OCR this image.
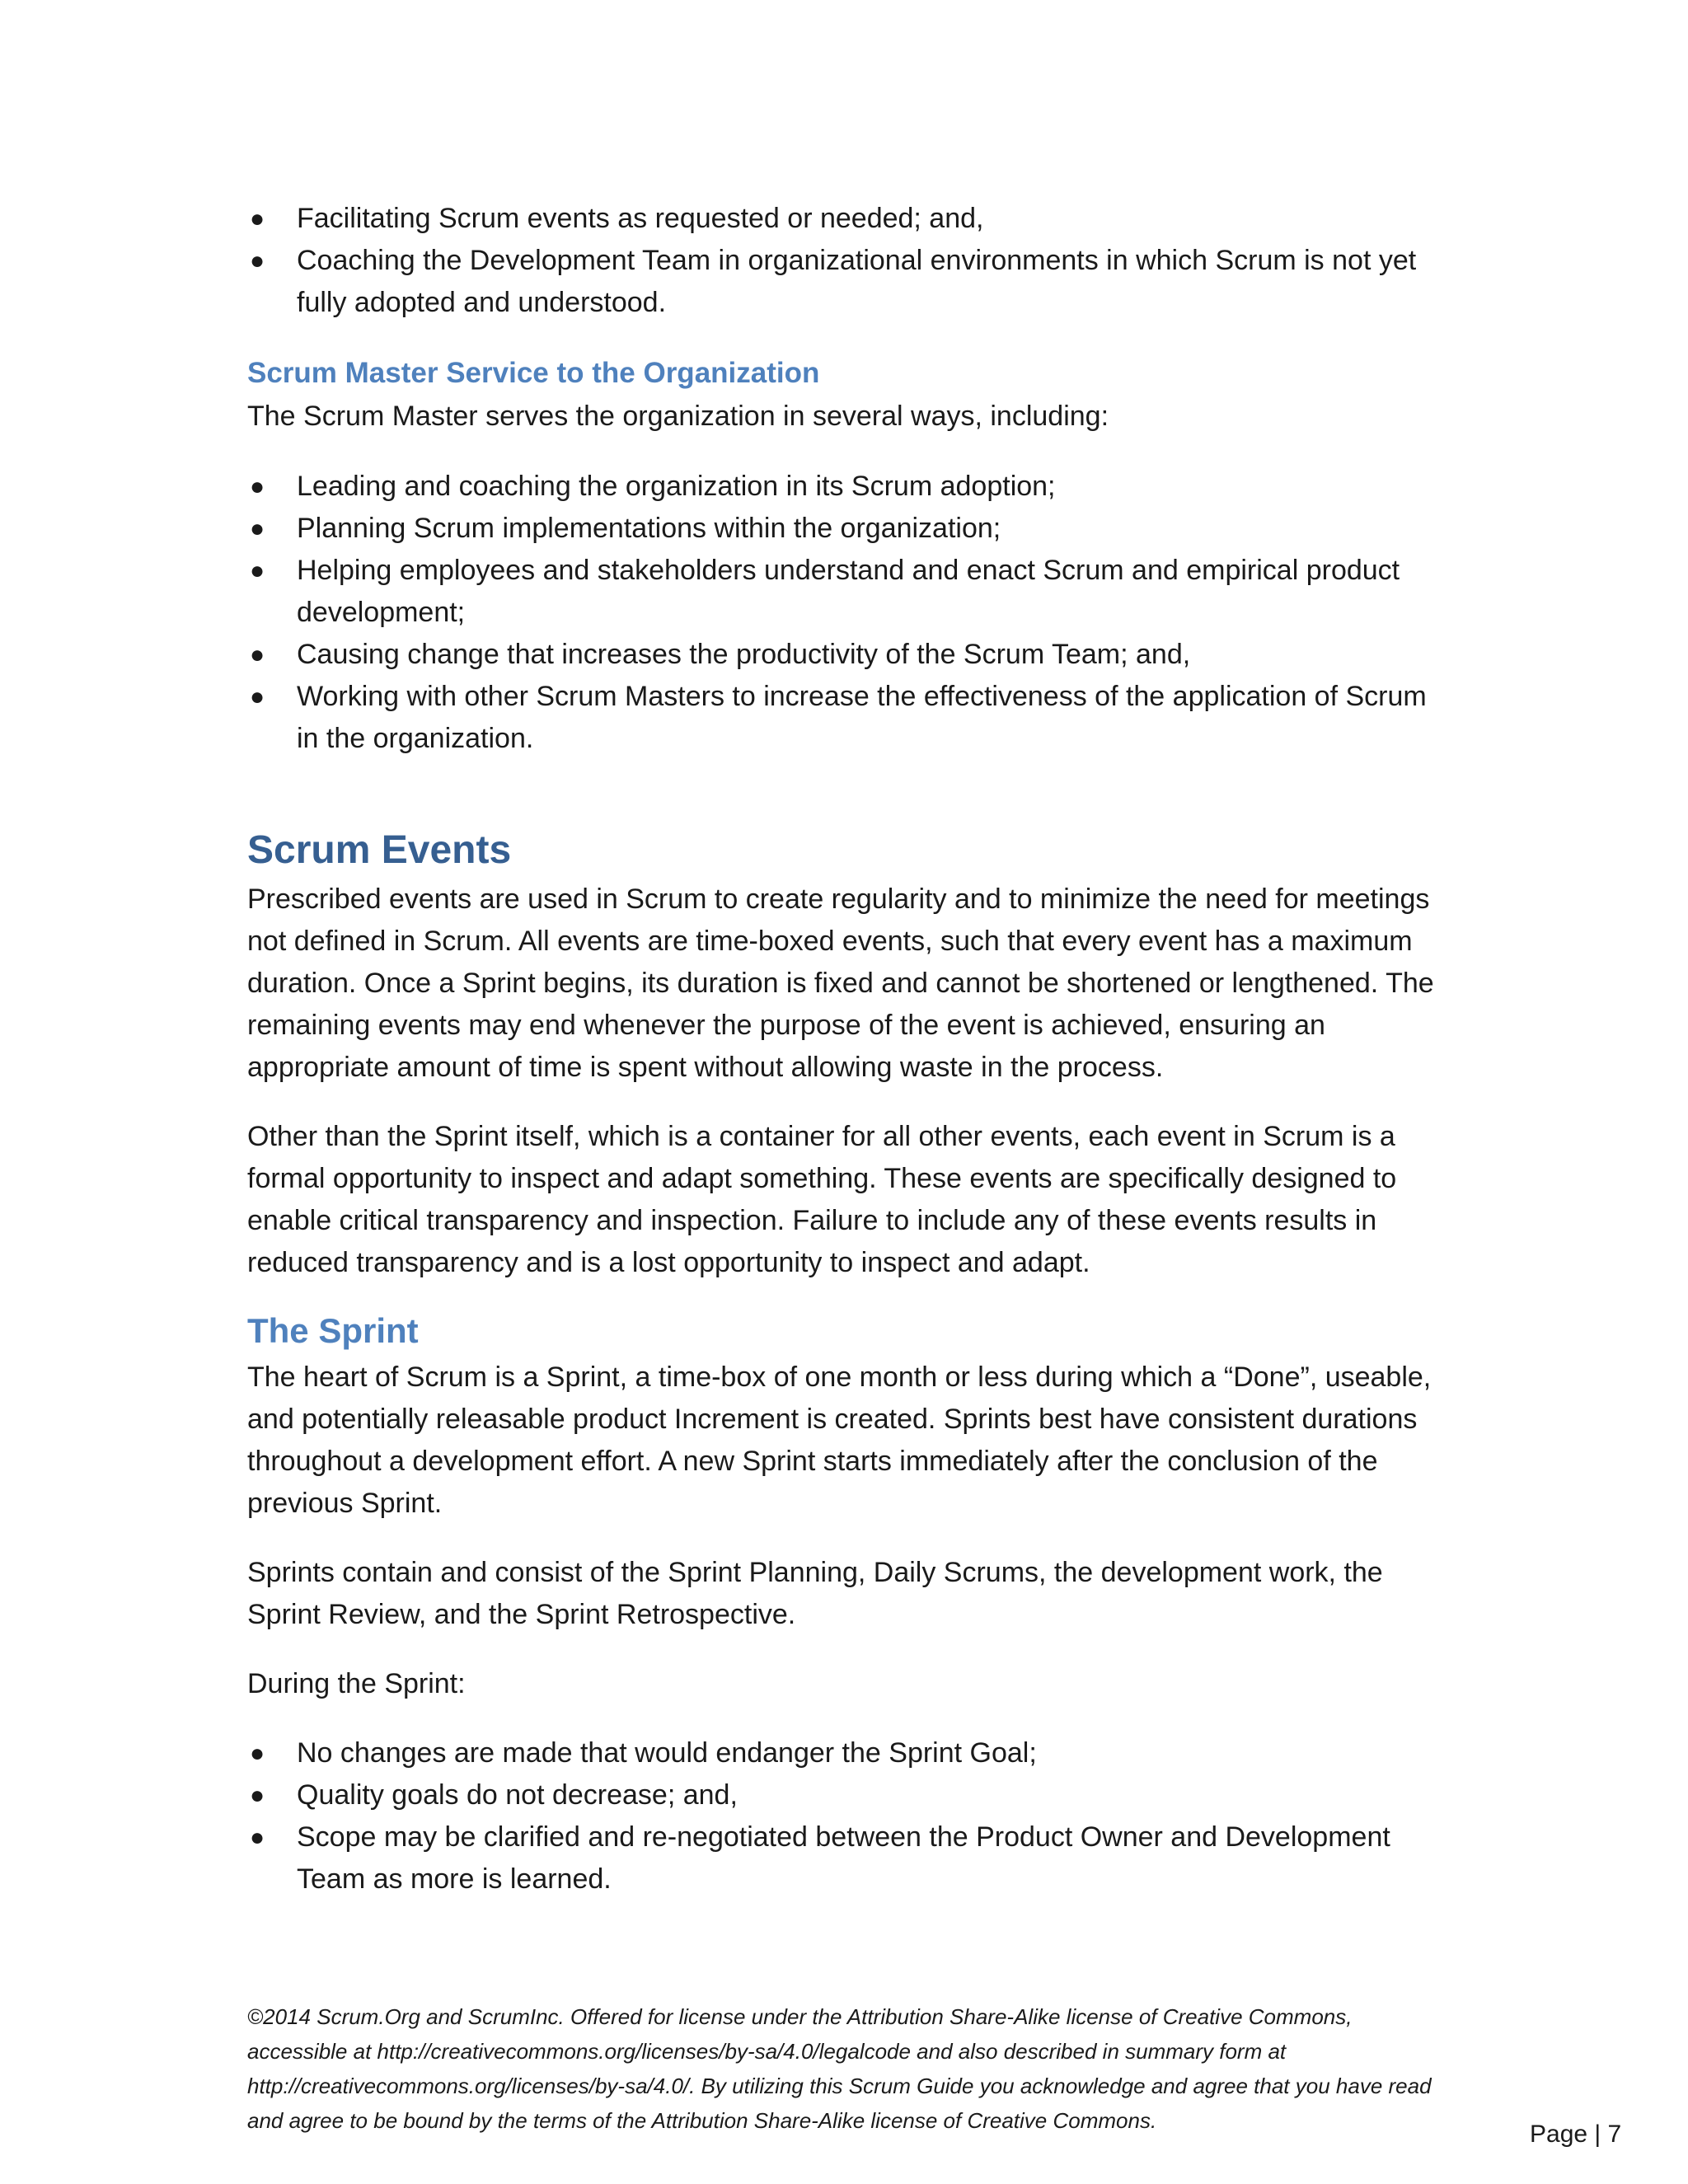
● Facilitating Scrum events as requested or needed; and,
● Coaching the Development Team in organizational environments in which Scrum is not yet fully adopted and understood.
Scrum Master Service to the Organization

The Scrum Master serves the organization in several ways, including:

● Leading and coaching the organization in its Scrum adoption;
● Planning Scrum implementations within the organization;
● Helping employees and stakeholders understand and enact Scrum and empirical product development;
● Causing change that increases the productivity of the Scrum Team; and,
● Working with other Scrum Masters to increase the effectiveness of the application of Scrum in the organization.
Scrum Events

Prescribed events are used in Scrum to create regularity and to minimize the need for meetings not defined in Scrum. All events are time-boxed events, such that every event has a maximum duration. Once a Sprint begins, its duration is fixed and cannot be shortened or lengthened. The remaining events may end whenever the purpose of the event is achieved, ensuring an appropriate amount of time is spent without allowing waste in the process.

Other than the Sprint itself, which is a container for all other events, each event in Scrum is a formal opportunity to inspect and adapt something. These events are specifically designed to enable critical transparency and inspection. Failure to include any of these events results in reduced transparency and is a lost opportunity to inspect and adapt.

The Sprint

The heart of Scrum is a Sprint, a time-box of one month or less during which a “Done”, useable, and potentially releasable product Increment is created. Sprints best have consistent durations throughout a development effort. A new Sprint starts immediately after the conclusion of the previous Sprint.

Sprints contain and consist of the Sprint Planning, Daily Scrums, the development work, the Sprint Review, and the Sprint Retrospective.

During the Sprint:

● No changes are made that would endanger the Sprint Goal;
● Quality goals do not decrease; and,
● Scope may be clarified and re-negotiated between the Product Owner and Development Team as more is learned.
©2014 Scrum.Org and ScrumInc. Offered for license under the Attribution Share-Alike license of Creative Commons, accessible at http://creativecommons.org/licenses/by-sa/4.0/legalcode and also described in summary form at http://creativecommons.org/licenses/by-sa/4.0/. By utilizing this Scrum Guide you acknowledge and agree that you have read and agree to be bound by the terms of the Attribution Share-Alike license of Creative Commons.	Page | 7
